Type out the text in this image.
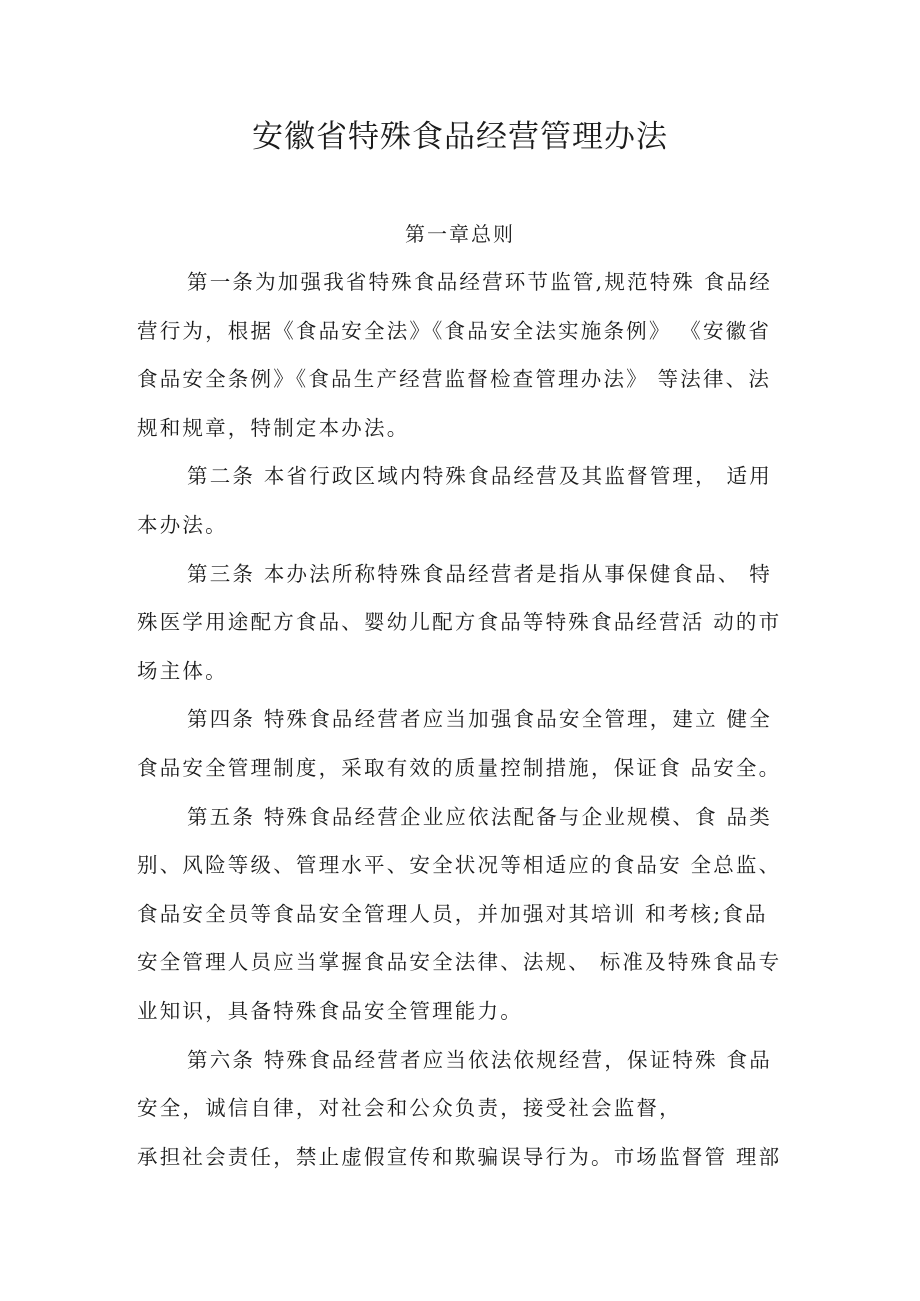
安徽省特殊食品经营管理办法
第一章总则

第一条为加强我省特殊食品经营环节监管,规范特殊 食品经
营行为，根据《食品安全法》《食品安全法实施条例》 《安徽省
食品安全条例》《食品生产经营监督检查管理办法》 等法律、法
规和规章，特制定本办法。

第二条 本省行政区域内特殊食品经营及其监督管理， 适用
本办法。

第三条 本办法所称特殊食品经营者是指从事保健食品、 特
殊医学用途配方食品、婴幼儿配方食品等特殊食品经营活 动的市
场主体。

第四条 特殊食品经营者应当加强食品安全管理，建立 健全
食品安全管理制度，采取有效的质量控制措施，保证食 品安全。

第五条 特殊食品经营企业应依法配备与企业规模、食 品类
别、风险等级、管理水平、安全状况等相适应的食品安 全总监、
食品安全员等食品安全管理人员，并加强对其培训 和考核;食品
安全管理人员应当掌握食品安全法律、法规、 标准及特殊食品专
业知识，具备特殊食品安全管理能力。

第六条 特殊食品经营者应当依法依规经营，保证特殊 食品
安全，诚信自律，对社会和公众负责，接受社会监督，
承担社会责任，禁止虚假宣传和欺骗误导行为。市场监督管 理部
